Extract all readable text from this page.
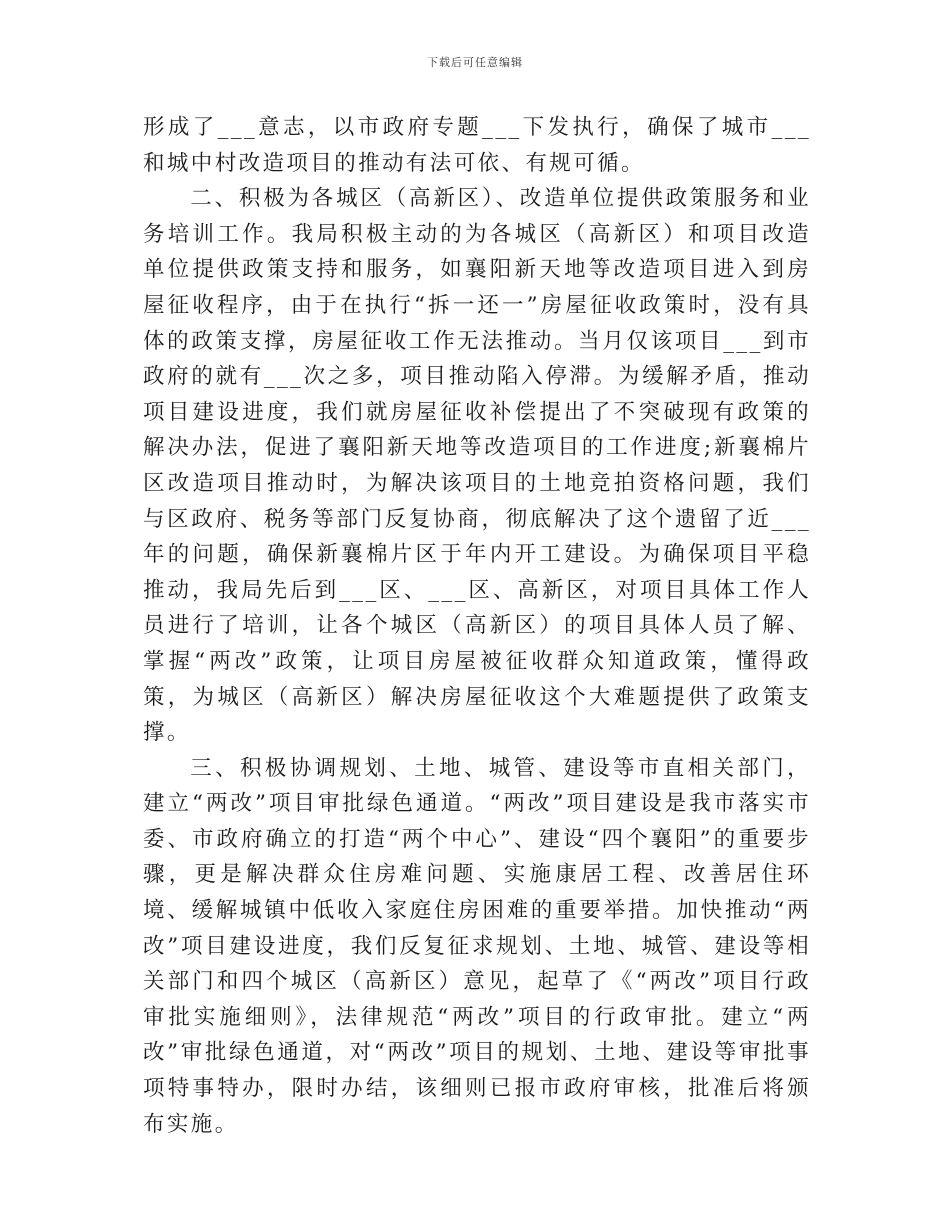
下载后可任意编辑

形成了___意志，以市政府专题___下发执行，确保了城市___和城中村改造项目的推动有法可依、有规可循。

二、积极为各城区（高新区）、改造单位提供政策服务和业务培训工作。我局积极主动的为各城区（高新区）和项目改造单位提供政策支持和服务，如襄阳新天地等改造项目进入到房屋征收程序，由于在执行“拆一还一”房屋征收政策时，没有具体的政策支撑，房屋征收工作无法推动。当月仅该项目___到市政府的就有___次之多，项目推动陷入停滞。为缓解矛盾，推动项目建设进度，我们就房屋征收补偿提出了不突破现有政策的解决办法，促进了襄阳新天地等改造项目的工作进度;新襄棉片区改造项目推动时，为解决该项目的土地竞拍资格问题，我们与区政府、税务等部门反复协商，彻底解决了这个遗留了近___年的问题，确保新襄棉片区于年内开工建设。为确保项目平稳推动，我局先后到___区、___区、高新区，对项目具体工作人员进行了培训，让各个城区（高新区）的项目具体人员了解、掌握“两改”政策，让项目房屋被征收群众知道政策，懂得政策，为城区（高新区）解决房屋征收这个大难题提供了政策支撑。

三、积极协调规划、土地、城管、建设等市直相关部门，建立“两改”项目审批绿色通道。“两改”项目建设是我市落实市委、市政府确立的打造“两个中心”、建设“四个襄阳”的重要步骤，更是解决群众住房难问题、实施康居工程、改善居住环境、缓解城镇中低收入家庭住房困难的重要举措。加快推动“两改”项目建设进度，我们反复征求规划、土地、城管、建设等相关部门和四个城区（高新区）意见，起草了《“两改”项目行政审批实施细则》，法律规范“两改”项目的行政审批。建立“两改”审批绿色通道，对“两改”项目的规划、土地、建设等审批事项特事特办，限时办结，该细则已报市政府审核，批准后将颁布实施。
